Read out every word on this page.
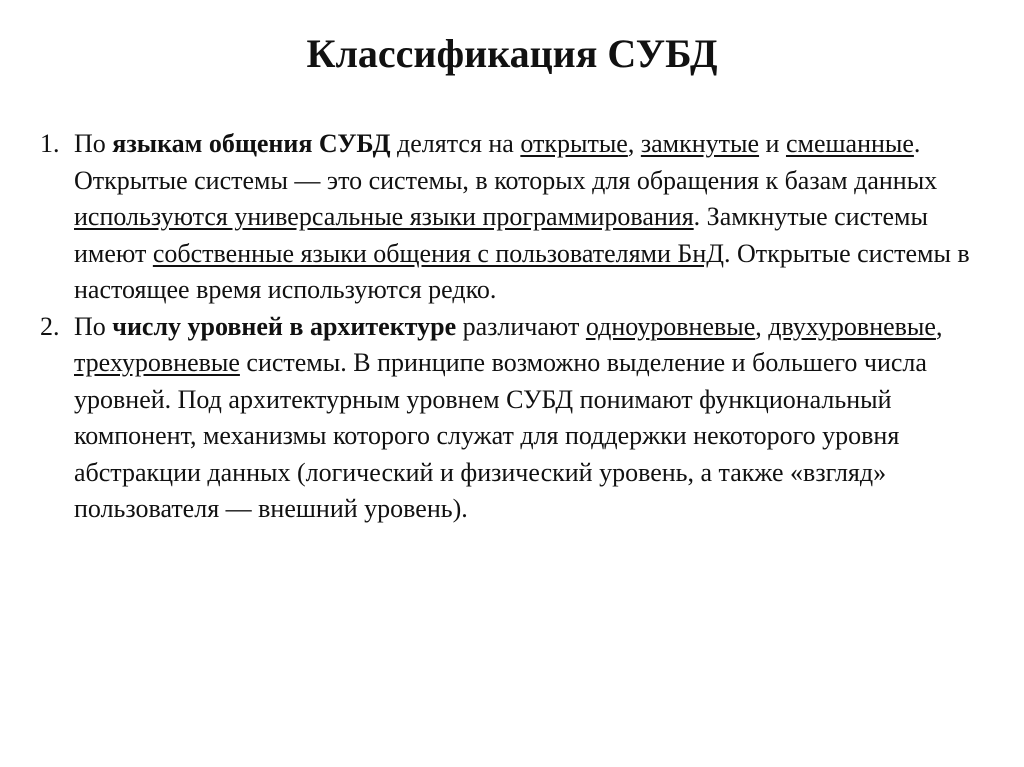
Классификация СУБД

1. По языкам общения СУБД делятся на открытые, замкнутые и смешанные. Открытые системы — это системы, в которых для обращения к базам данных используются универсальные языки программирования. Замкнутые системы имеют собственные языки общения с пользователями БнД. Открытые системы в настоящее время используются редко.

2. По числу уровней в архитектуре различают одноуровневые, двухуровневые, трехуровневые системы. В принципе возможно выделение и большего числа уровней. Под архитектурным уровнем СУБД понимают функциональный компонент, механизмы которого служат для поддержки некоторого уровня абстракции данных (логический и физический уровень, а также «взгляд» пользователя — внешний уровень).
